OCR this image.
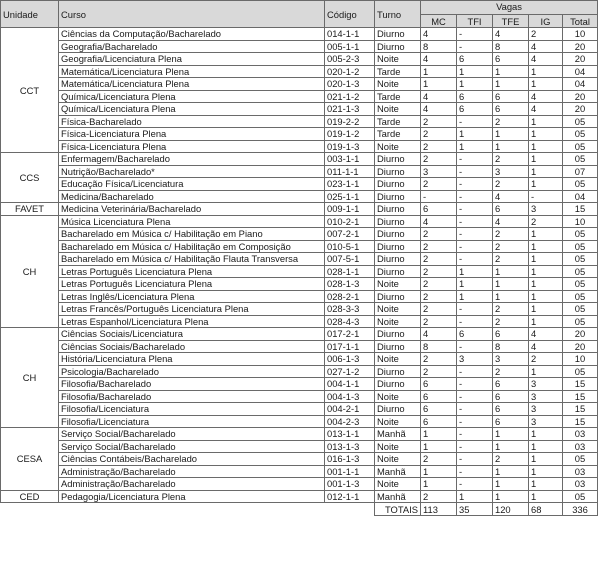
Unidade	Curso	Código	Turno	Vagas				
				MC	TFI	TFE	IG	Total
CCT	Ciências da Computação/Bacharelado	014-1-1	Diurno	4	-	4	2	10
	Geografia/Bacharelado	005-1-1	Diurno	8	-	8	4	20
	Geografia/Licenciatura Plena	005-2-3	Noite	4	6	6	4	20
	Matemática/Licenciatura Plena	020-1-2	Tarde	1	1	1	1	04
	Matemática/Licenciatura Plena	020-1-3	Noite	1	1	1	1	04
	Química/Licenciatura Plena	021-1-2	Tarde	4	6	6	4	20
	Química/Licenciatura Plena	021-1-3	Noite	4	6	6	4	20
	Física-Bacharelado	019-2-2	Tarde	2	-	2	1	05
	Física-Licenciatura Plena	019-1-2	Tarde	2	1	1	1	05
	Física-Licenciatura Plena	019-1-3	Noite	2	1	1	1	05
CCS	Enfermagem/Bacharelado	003-1-1	Diurno	2	-	2	1	05
	Nutrição/Bacharelado*	011-1-1	Diurno	3	-	3	1	07
	Educação Física/Licenciatura	023-1-1	Diurno	2	-	2	1	05
	Medicina/Bacharelado	025-1-1	Diurno	-	-	4	-	04
FAVET	Medicina Veterinária/Bacharelado	009-1-1	Diurno	6	-	6	3	15
CH	Música Licenciatura Plena	010-2-1	Diurno	4	-	4	2	10
	Bacharelado em Música c/ Habilitação em Piano	007-2-1	Diurno	2	-	2	1	05
	Bacharelado em Música c/ Habilitação em Composição	010-5-1	Diurno	2	-	2	1	05
	Bacharelado em Música c/ Habilitação Flauta Transversa	007-5-1	Diurno	2	-	2	1	05
	Letras Português Licenciatura Plena	028-1-1	Diurno	2	1	1	1	05
	Letras Português Licenciatura Plena	028-1-3	Noite	2	1	1	1	05
	Letras Inglês/Licenciatura Plena	028-2-1	Diurno	2	1	1	1	05
	Letras Francês/Português Licenciatura Plena	028-3-3	Noite	2	-	2	1	05
	Letras Espanhol/Licenciatura Plena	028-4-3	Noite	2	-	2	1	05
CH	Ciências Sociais/Licenciatura	017-2-1	Diurno	4	6	6	4	20
	Ciências Sociais/Bacharelado	017-1-1	Diurno	8	-	8	4	20
	História/Licenciatura Plena	006-1-3	Noite	2	3	3	2	10
	Psicologia/Bacharelado	027-1-2	Diurno	2	-	2	1	05
	Filosofia/Bacharelado	004-1-1	Diurno	6	-	6	3	15
	Filosofia/Bacharelado	004-1-3	Noite	6	-	6	3	15
	Filosofia/Licenciatura	004-2-1	Diurno	6	-	6	3	15
	Filosofia/Licenciatura	004-2-3	Noite	6	-	6	3	15
CESA	Serviço Social/Bacharelado	013-1-1	Manhã	1	-	1	1	03
	Serviço Social/Bacharelado	013-1-3	Noite	1	-	1	1	03
	Ciências Contábeis/Bacharelado	016-1-3	Noite	2	-	2	1	05
	Administração/Bacharelado	001-1-1	Manhã	1	-	1	1	03
	Administração/Bacharelado	001-1-3	Noite	1	-	1	1	03
CED	Pedagogia/Licenciatura Plena	012-1-1	Manhã	2	1	1	1	05
			TOTAIS	113	35	120	68	336
